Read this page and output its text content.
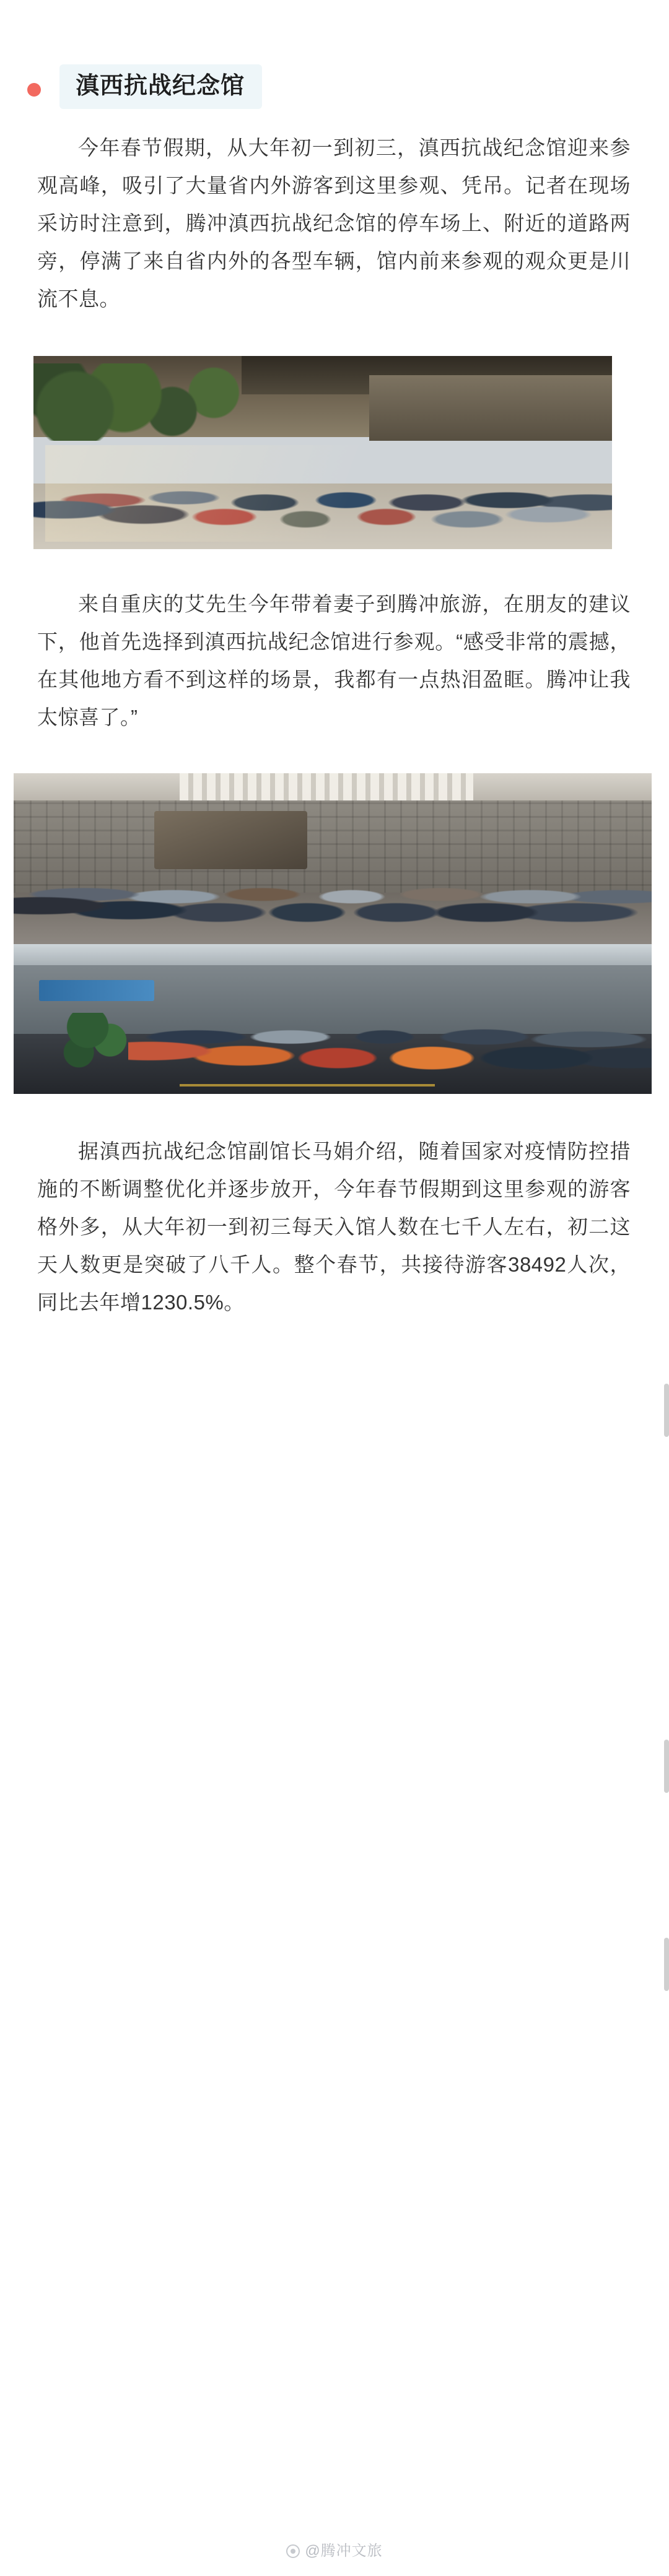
滇西抗战纪念馆

今年春节假期，从大年初一到初三，滇西抗战纪念馆迎来参观高峰，吸引了大量省内外游客到这里参观、凭吊。记者在现场采访时注意到，腾冲滇西抗战纪念馆的停车场上、附近的道路两旁，停满了来自省内外的各型车辆，馆内前来参观的观众更是川流不息。

来自重庆的艾先生今年带着妻子到腾冲旅游，在朋友的建议下，他首先选择到滇西抗战纪念馆进行参观。“感受非常的震撼，在其他地方看不到这样的场景，我都有一点热泪盈眶。腾冲让我太惊喜了。”

据滇西抗战纪念馆副馆长马娟介绍，随着国家对疫情防控措施的不断调整优化并逐步放开，今年春节假期到这里参观的游客格外多，从大年初一到初三每天入馆人数在七千人左右，初二这天人数更是突破了八千人。整个春节，共接待游客38492人次，同比去年增1230.5%。

@腾冲文旅
